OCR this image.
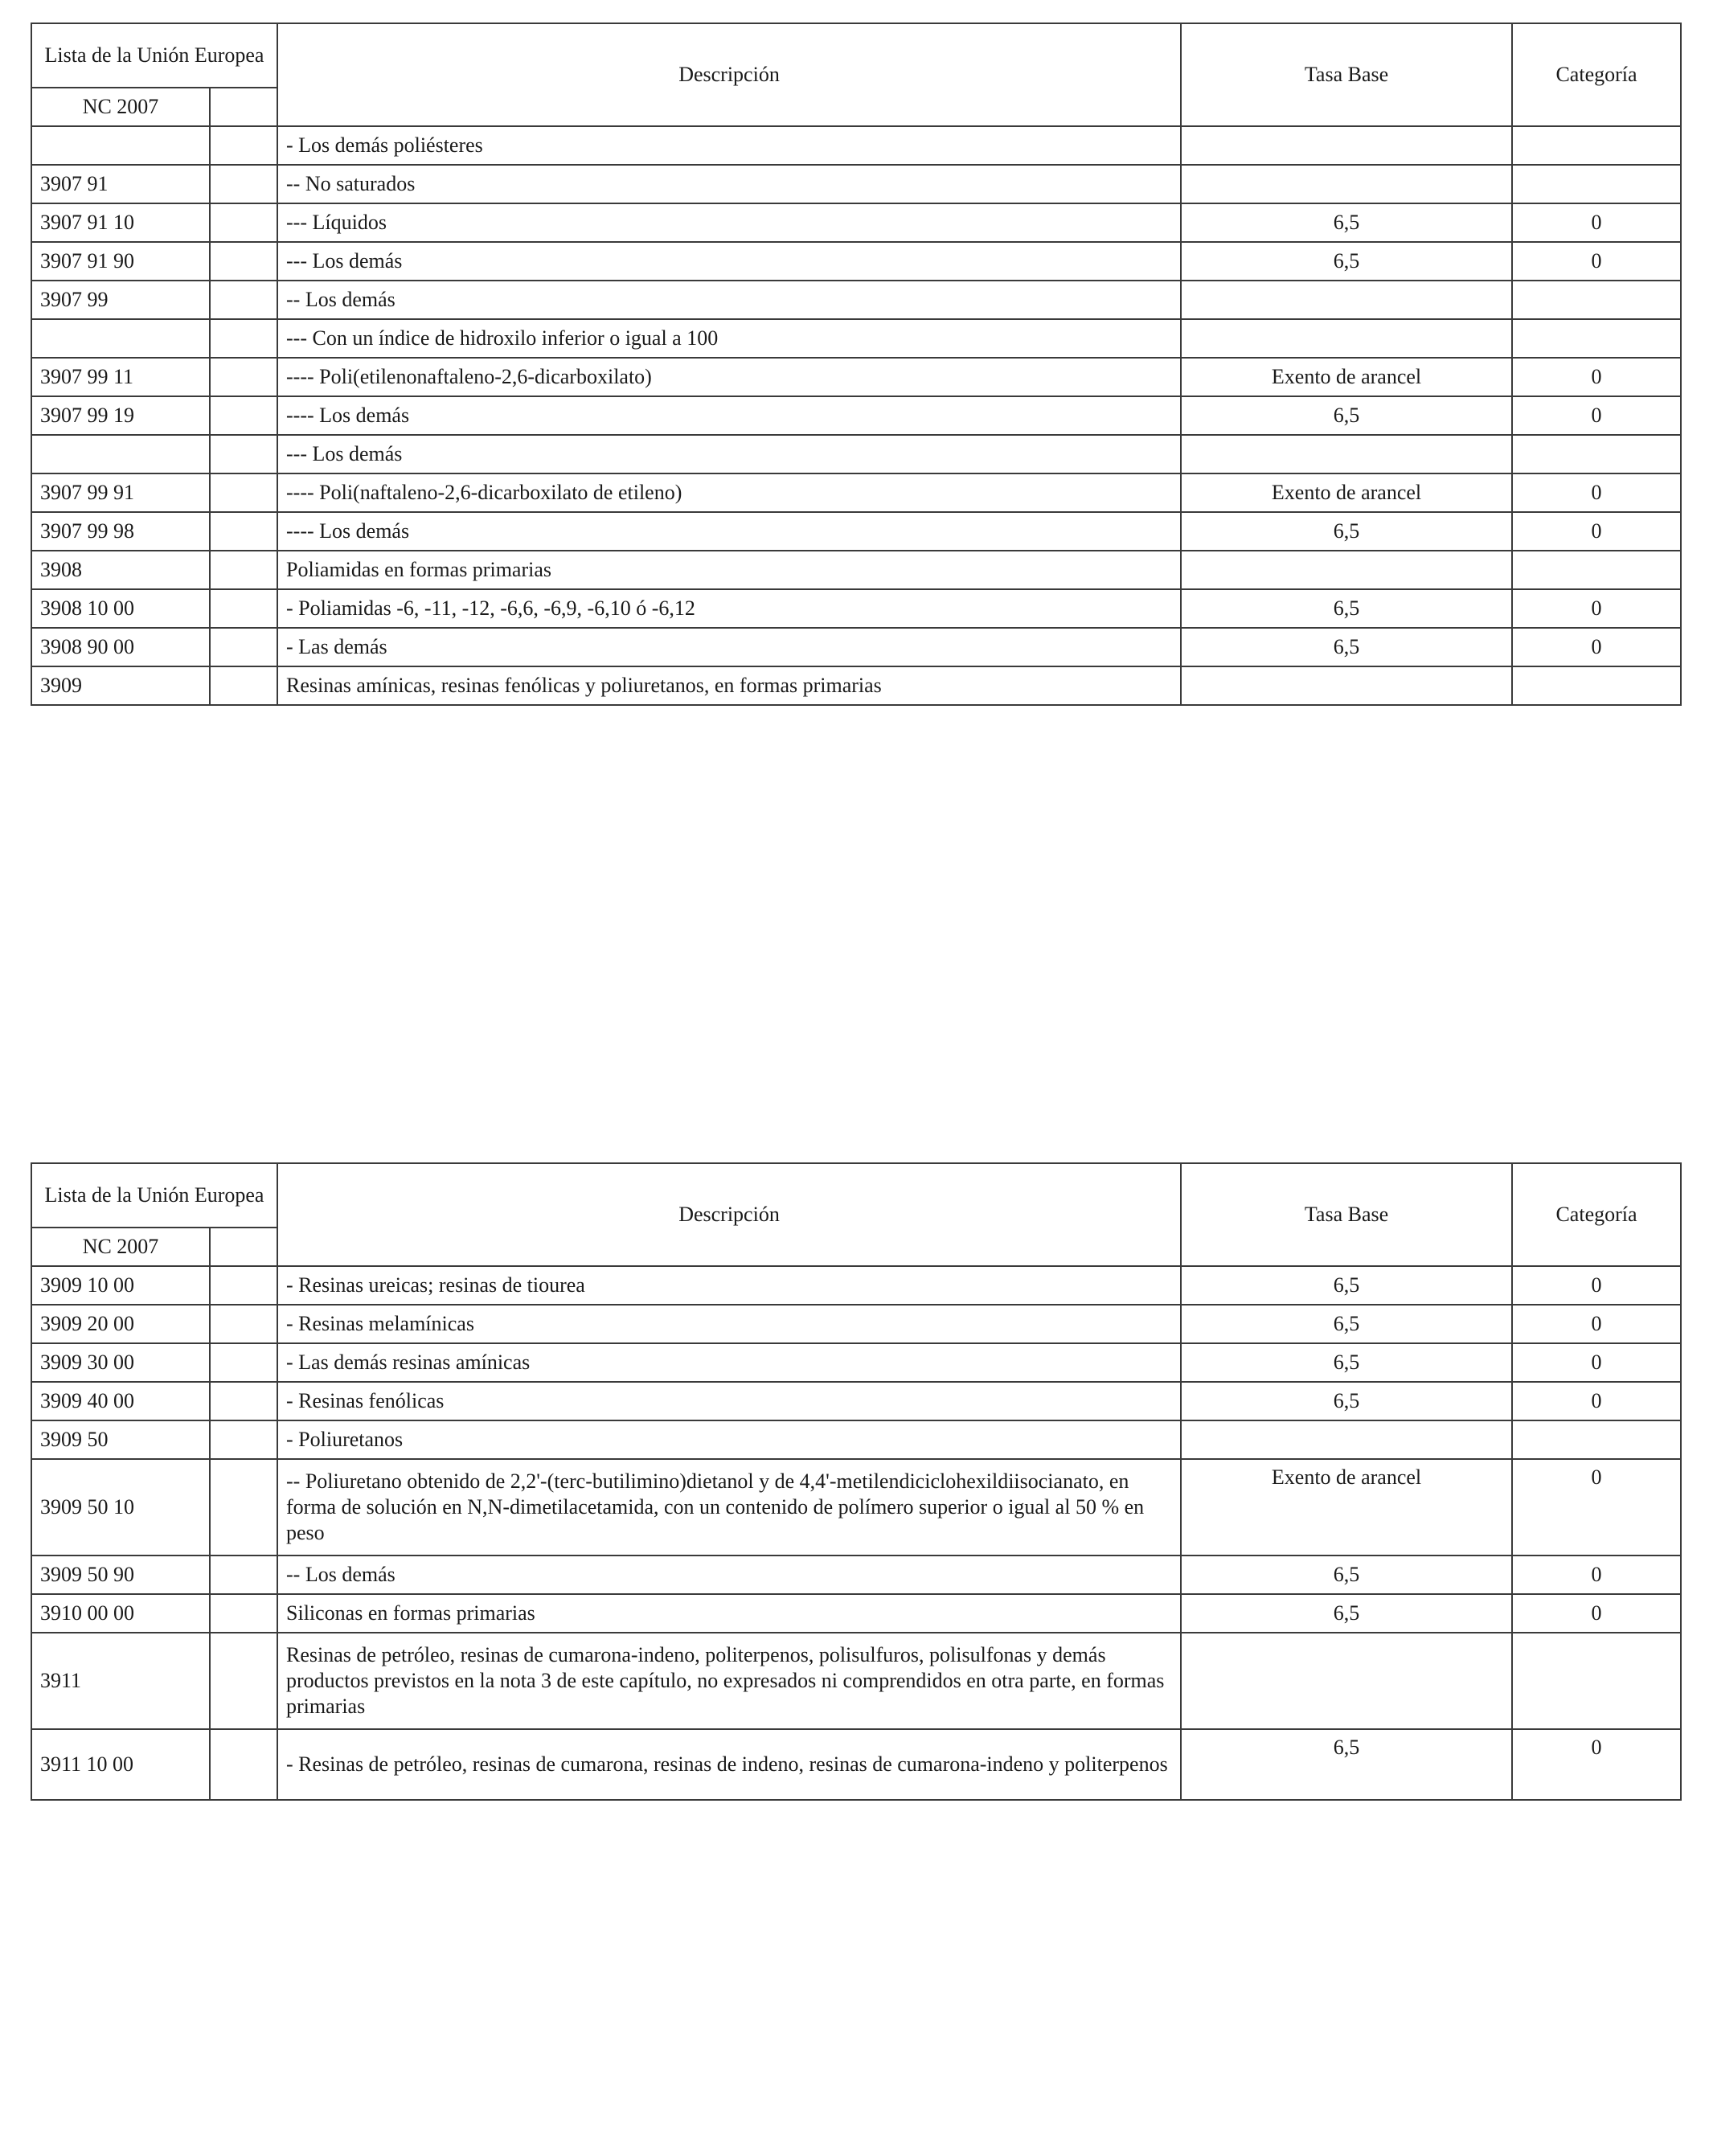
Lista de la Unión Europea		Descripción	Tasa Base	Categoría
NC 2007				
		- Los demás poliésteres		
3907 91		-- No saturados		
3907 91 10		--- Líquidos	6,5	0
3907 91 90		--- Los demás	6,5	0
3907 99		-- Los demás		
		--- Con un índice de hidroxilo inferior o igual a 100		
3907 99 11		---- Poli(etilenonaftaleno-2,6-dicarboxilato)	Exento de arancel	0
3907 99 19		---- Los demás	6,5	0
		--- Los demás		
3907 99 91		---- Poli(naftaleno-2,6-dicarboxilato de etileno)	Exento de arancel	0
3907 99 98		---- Los demás	6,5	0
3908		Poliamidas en formas primarias		
3908 10 00		- Poliamidas -6, -11, -12, -6,6, -6,9, -6,10 ó -6,12	6,5	0
3908 90 00		- Las demás	6,5	0
3909		Resinas amínicas, resinas fenólicas y poliuretanos, en formas primarias		
Lista de la Unión Europea		Descripción	Tasa Base	Categoría
NC 2007				
3909 10 00		- Resinas ureicas; resinas de tiourea	6,5	0
3909 20 00		- Resinas melamínicas	6,5	0
3909 30 00		- Las demás resinas amínicas	6,5	0
3909 40 00		- Resinas fenólicas	6,5	0
3909 50		- Poliuretanos		
3909 50 10		-- Poliuretano obtenido de 2,2'-(terc-butilimino)dietanol y de 4,4'-metilendiciclohexildiisocianato, en forma de solución en N,N-dimetilacetamida, con un contenido de polímero superior o igual al 50 % en peso	Exento de arancel	0
3909 50 90		-- Los demás	6,5	0
3910 00 00		Siliconas en formas primarias	6,5	0
3911		Resinas de petróleo, resinas de cumarona-indeno, politerpenos, polisulfuros, polisulfonas y demás productos previstos en la nota 3 de este capítulo, no expresados ni comprendidos en otra parte, en formas primarias		
3911 10 00		- Resinas de petróleo, resinas de cumarona, resinas de indeno, resinas de cumarona-indeno y politerpenos	6,5	0
